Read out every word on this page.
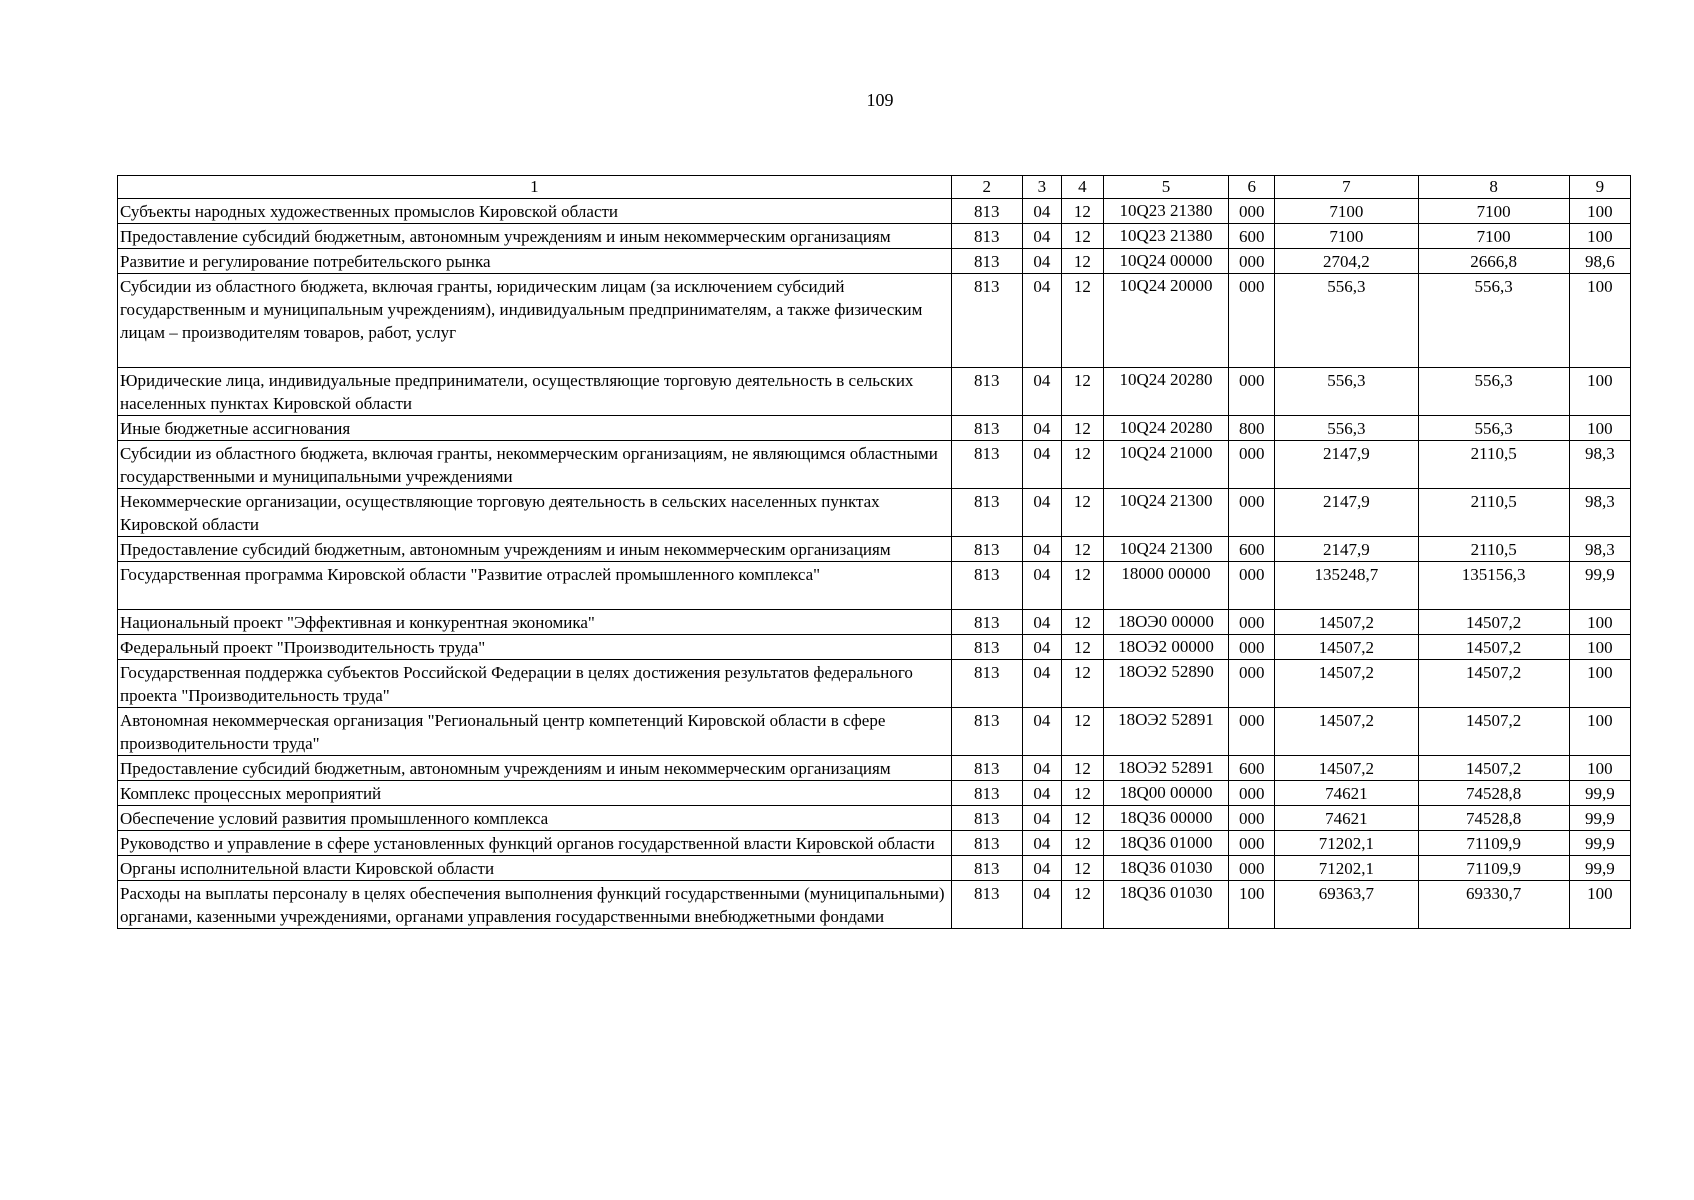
109
1	2	3	4	5	6	7	8	9
Субъекты народных художественных промыслов Кировской области	813	04	12	10Q23 21380	000	7100	7100	100
Предоставление субсидий бюджетным, автономным учреждениям и иным некоммерческим организациям	813	04	12	10Q23 21380	600	7100	7100	100
Развитие и регулирование потребительского рынка	813	04	12	10Q24 00000	000	2704,2	2666,8	98,6
Субсидии из областного бюджета, включая гранты, юридическим лицам (за исключением субсидий государственным и муниципальным учреждениям), индивидуальным предпринимателям, а также физическим лицам – производителям товаров, работ, услуг	813	04	12	10Q24 20000	000	556,3	556,3	100
Юридические лица, индивидуальные предприниматели, осуществляющие торговую деятельность в сельских населенных пунктах Кировской области	813	04	12	10Q24 20280	000	556,3	556,3	100
Иные бюджетные ассигнования	813	04	12	10Q24 20280	800	556,3	556,3	100
Субсидии из областного бюджета, включая гранты, некоммерческим организациям, не являющимся областными государственными и муниципальными учреждениями	813	04	12	10Q24 21000	000	2147,9	2110,5	98,3
Некоммерческие организации, осуществляющие торговую деятельность в сельских населенных пунктах Кировской области	813	04	12	10Q24 21300	000	2147,9	2110,5	98,3
Предоставление субсидий бюджетным, автономным учреждениям и иным некоммерческим организациям	813	04	12	10Q24 21300	600	2147,9	2110,5	98,3
Государственная программа Кировской области "Развитие отраслей промышленного комплекса"	813	04	12	18000 00000	000	135248,7	135156,3	99,9
Национальный проект "Эффективная и конкурентная экономика"	813	04	12	18ОЭ0 00000	000	14507,2	14507,2	100
Федеральный проект "Производительность труда"	813	04	12	18ОЭ2 00000	000	14507,2	14507,2	100
Государственная поддержка субъектов Российской Федерации в целях достижения результатов федерального проекта "Производительность труда"	813	04	12	18ОЭ2 52890	000	14507,2	14507,2	100
Автономная некоммерческая организация "Региональный центр компетенций Кировской области в сфере производительности труда"	813	04	12	18ОЭ2 52891	000	14507,2	14507,2	100
Предоставление субсидий бюджетным, автономным учреждениям и иным некоммерческим организациям	813	04	12	18ОЭ2 52891	600	14507,2	14507,2	100
Комплекс процессных мероприятий	813	04	12	18Q00 00000	000	74621	74528,8	99,9
Обеспечение условий развития промышленного комплекса	813	04	12	18Q36 00000	000	74621	74528,8	99,9
Руководство и управление в сфере установленных функций органов государственной власти Кировской области	813	04	12	18Q36 01000	000	71202,1	71109,9	99,9
Органы исполнительной власти Кировской области	813	04	12	18Q36 01030	000	71202,1	71109,9	99,9
Расходы на выплаты персоналу в целях обеспечения выполнения функций государственными (муниципальными) органами, казенными учреждениями, органами управления государственными внебюджетными фондами	813	04	12	18Q36 01030	100	69363,7	69330,7	100
